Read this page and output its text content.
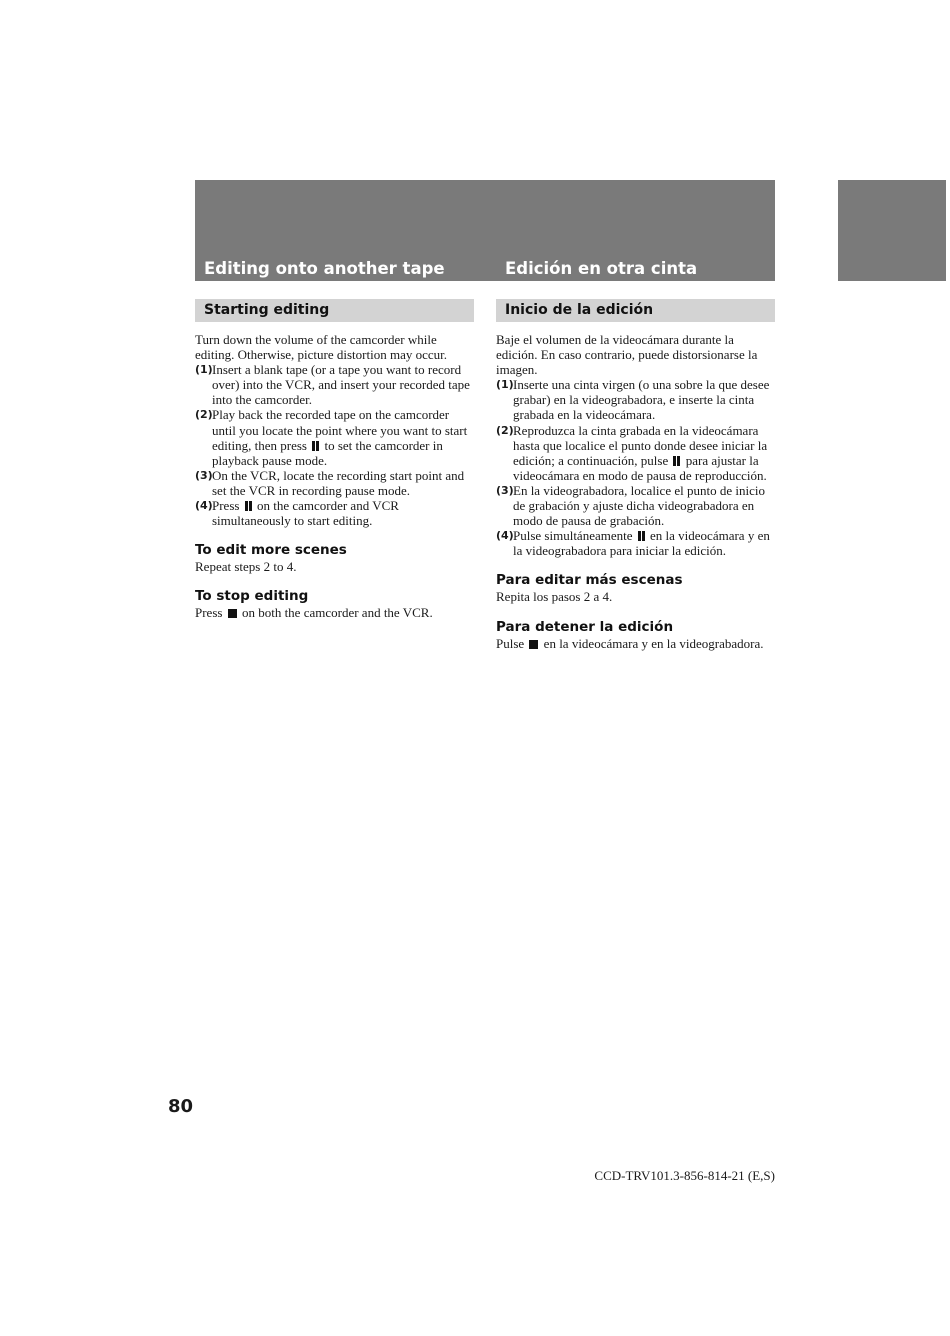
Editing onto another tape	Edición en otra cinta
Starting editing

Turn down the volume of the camcorder while editing. Otherwise, picture distortion may occur.

(1) Insert a blank tape (or a tape you want to record over) into the VCR, and insert your recorded tape into the camcorder.
(2) Play back the recorded tape on the camcorder until you locate the point where you want to start editing, then press to set the camcorder in playback pause mode.
(3) On the VCR, locate the recording start point and set the VCR in recording pause mode.
(4) Press on the camcorder and VCR simultaneously to start editing.
To edit more scenes

Repeat steps 2 to 4.

To stop editing

Press on both the camcorder and the VCR.

Inicio de la edición

Baje el volumen de la videocámara durante la edición. En caso contrario, puede distorsionarse la imagen.

(1) Inserte una cinta virgen (o una sobre la que desee grabar) en la videograbadora, e inserte la cinta grabada en la videocámara.
(2) Reproduzca la cinta grabada en la videocámara hasta que localice el punto donde desee iniciar la edición; a continuación, pulse para ajustar la videocámara en modo de pausa de reproducción.
(3) En la videograbadora, localice el punto de inicio de grabación y ajuste dicha videograbadora en modo de pausa de grabación.
(4) Pulse simultáneamente en la videocámara y en la videograbadora para iniciar la edición.
Para editar más escenas

Repita los pasos 2 a 4.

Para detener la edición

Pulse en la videocámara y en la videograbadora.

80
CCD-TRV101.3-856-814-21 (E,S)
